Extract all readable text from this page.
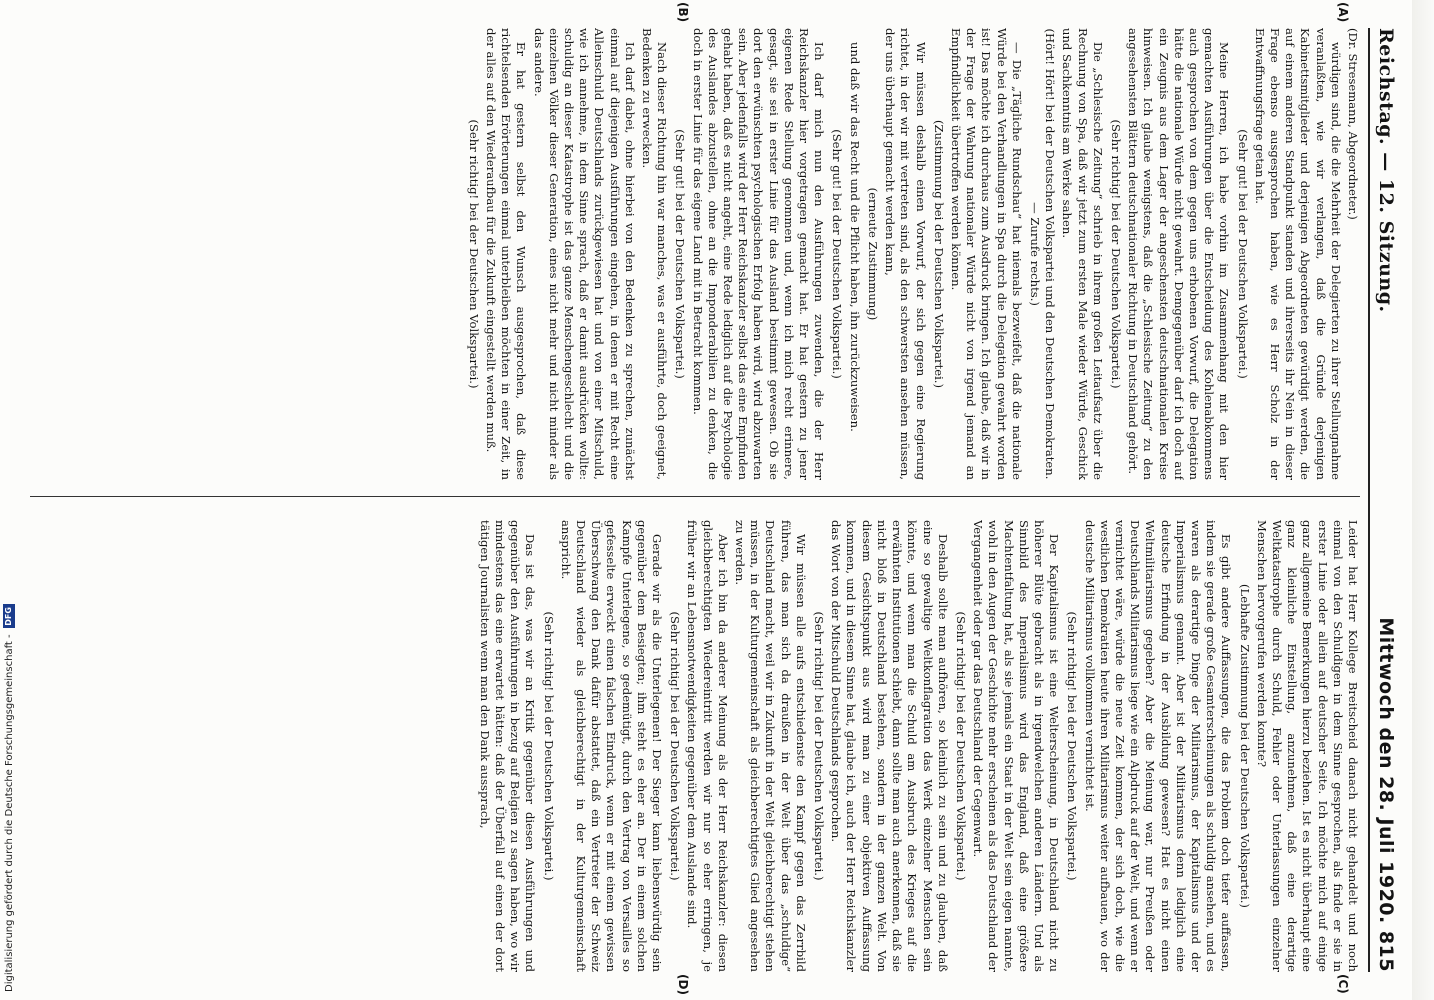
Reichstag. — 12. Sitzung.
Mittwoch den 28. Juli 1920. 815
(A)
(B)
(C)
(D)

(Dr. Stresemann, Abgeordneter.)

würdigen sind, die die Mehrheit der Delegierten zu ihrer Stellungnahme veranlaßten, wie wir verlangen, daß die Gründe derjenigen Kabinettsmitglieder und derjenigen Abgeordneten gewürdigt werden, die auf einem anderen Standpunkt standen und ihrerseits ihr Nein in dieser Frage ebenso ausgesprochen haben, wie es Herr Scholz in der Entwaffnungsfrage getan hat.

(Sehr gut! bei der Deutschen Volkspartei.)

Meine Herren, ich habe vorhin im Zusammenhang mit den hier gemachten Ausführungen über die Entscheidung des Kohlenabkommens auch gesprochen von dem gegen uns erhobenen Vorwurf, die Delegation hätte die nationale Würde nicht gewahrt. Demgegenüber darf ich doch auf ein Zeugnis aus dem Lager der angeschensten deutschnationalen Kreise hinweisen. Ich glaube wenigstens, daß die „Schlesische Zeitung“ zu den angesehensten Blättern deutschnationaler Richtung in Deutschland gehört.

(Sehr richtig! bei der Deutschen Volkspartei.)

Die „Schlesische Zeitung“ schrieb in ihrem großen Leitaufsatz über die Rechnung von Spa, daß wir jetzt zum ersten Male wieder Würde, Geschick und Sachkenntnis am Werke sahen.

(Hört! Hört! bei der Deutschen Volkspartei und den Deutschen Demokraten. — Zurufe rechts.)

— Die „Tägliche Rundschau“ hat niemals bezweifelt, daß die nationale Würde bei den Verhandlungen in Spa durch die Delegation gewahrt worden ist! Das möchte ich durchaus zum Ausdruck bringen. Ich glaube, daß wir in der Frage der Wahrung nationaler Würde nicht von irgend jemand an Empfindlichkeit übertroffen werden können.

(Zustimmung bei der Deutschen Volkspartei.)

Wir müssen deshalb einen Vorwurf, der sich gegen eine Regierung richtet, in der wir mit vertreten sind, als den schwersten ansehen müssen, der uns überhaupt gemacht werden kann,

(erneute Zustimmung)

und daß wir das Recht und die Pflicht haben, ihn zurückzuweisen.

(Sehr gut! bei der Deutschen Volkspartei.)

Ich darf mich nun den Ausführungen zuwenden, die der Herr Reichskanzler hier vorgetragen gemacht hat. Er hat gestern zu jener eigenen Rede Stellung genommen und, wenn ich mich recht erinnere, gesagt, sie sei in erster Linie für das Ausland bestimmt gewesen. Ob sie dort den erwünschten psychologischen Erfolg haben wird, wird abzuwarten sein. Aber jedenfalls wird der Herr Reichskanzler selbst das eine Empfinden gehabt haben, daß es nicht angeht, eine Rede lediglich auf die Psychologie des Auslandes abzustellen, ohne an die Imponderabilien zu denken, die doch in erster Linie für das eigene Land mit in Betracht kommen.

(Sehr gut! bei der Deutschen Volkspartei.)

Nach dieser Richtung hin war manches, was er ausführte, doch geeignet, Bedenken zu erwecken.

Ich darf dabei, ohne hierbei von den Bedenken zu sprechen, zunächst einmal auf diejenigen Ausführungen eingehen, in denen er mit Recht eine Alleinschuld Deutschlands zurückgewiesen hat und von einer Mitschuld, wie ich annehme, in dem Sinne sprach, daß er damit ausdrücken wollte: schuldig an dieser Katastrophe ist das ganze Menschengeschlecht und die einzelnen Völker dieser Generation, eines nicht mehr und nicht minder als das andere.

Er hat gestern selbst den Wunsch ausgesprochen, daß diese richtelsenden Erörterungen einmal unterbleiben möchten in einer Zeit, in der alles auf den Wiederaufbau für die Zukunft eingestellt werden muß.

(Sehr richtig! bei der Deutschen Volkspartei.)

Leider hat Herr Kollege Breitscheid danach nicht gehandelt und noch einmal von den Schuldigen in dem Sinne gesprochen, als finde er sie in erster Linie oder allein auf deutscher Seite. Ich möchte mich auf einige ganz allgemeine Bemerkungen hierzu beziehen. Ist es nicht überhaupt eine ganz kleinliche Einstellung, anzunehmen, daß eine derartige Weltkatastrophe durch Schuld, Fehler oder Unterlassungen einzelner Menschen hervorgerufen werden konnte?

(Lebhafte Zustimmung bei der Deutschen Volkspartei.)

Es gibt andere Auffassungen, die das Problem doch tiefer auffassen, indem sie gerade große Gesamterscheinungen als schuldig ansehen, und es waren als derartige Dinge der Militarismus, der Kapitalismus und der Imperialismus genannt. Aber ist der Militarismus denn lediglich eine deutsche Erfindung in der Ausbildung gewesen? Hat es nicht einen Weltmilitarismus gegeben? Aber die Meinung war, nur Preußen oder Deutschlands Militarismus liege wie ein Alpdruck auf der Welt, und wenn er vernichtet wäre, würde die neue Zeit kommen, der sich doch, wie die westlichen Demokratien heute ihren Militarismus weiter aufbauen, wo der deutsche Militarismus vollkommen vernichtet ist.

(Sehr richtig! bei der Deutschen Volkspartei.)

Der Kapitalismus ist eine Welterscheinung, in Deutschland nicht zu höherer Blüte gebracht als in irgendwelchen anderen Ländern. Und als Sinnbild des Imperialismus wird das England, daß eine größere Machtentfaltung hat, als sie jemals ein Staat in der Welt sein eigen nannte, wohl in den Augen der Geschichte mehr erscheinen als das Deutschland der Vergangenheit oder gar das Deutschland der Gegenwart.

(Sehr richtig! bei der Deutschen Volkspartei.)

Deshalb sollte man aufhören, so kleinlich zu sein und zu glauben, daß eine so gewaltige Weltkonflagration das Werk einzelner Menschen sein könnte, und wenn man die Schuld am Ausbruch des Krieges auf die erwähnten Institutionen schiebt, dann sollte man auch anerkennen, daß sie nicht bloß in Deutschland bestehen, sondern in der ganzen Welt. Von diesem Gesichtspunkt aus wird man zu einer objektiven Auffassung kommen, und in diesem Sinne hat, glaube ich, auch der Herr Reichskanzler das Wort von der Mitschuld Deutschlands gesprochen.

(Sehr richtig! bei der Deutschen Volkspartei.)

Wir müssen alle aufs entschiedenste den Kampf gegen das Zerrbild führen, das man sich da draußen in der Welt über das „schuldige“ Deutschland macht, weil wir in Zukunft in der Welt gleichberechtigt stehen müssen, in der Kulturgemeinschaft als gleichberechtigtes Glied angesehen zu werden.

Aber ich bin da anderer Meinung als der Herr Reichskanzler: diesen gleichberechtigten Wiedereintritt werden wir nur so eher erringen, je früher wir an Lebensnotwendigkeiten gegenüber dem Auslande sind.

(Sehr richtig! bei der Deutschen Volkspartei.)

Gerade wir als die Unterlegenen! Der Sieger kann liebenswürdig sein gegenüber dem Besiegten; ihm steht es eher an. Der in einem solchen Kampfe Unterlegene, so gedemütigt, durch den Vertrag von Versailles so gefesselte erweckt einen falschen Eindruck, wenn er mit einem gewissen Überschwang den Dank dafür abstattet, daß ein Vertreter der Schweiz Deutschland wieder als gleichberechtigt in der Kulturgemeinschaft anspricht.

(Sehr richtig! bei der Deutschen Volkspartei.)

Das ist das, was wir an Kritik gegenüber diesen Ausführungen und gegenüber den Ausführungen in bezug auf Belgien zu sagen haben, wo wir mindestens das eine erwartet hätten: daß der Überfall auf einen der dort tätigen Journalisten wenn man den Dank aussprach,

Digitalisierung gefördert durch die Deutsche Forschungsgemeinschaft -
DFG
